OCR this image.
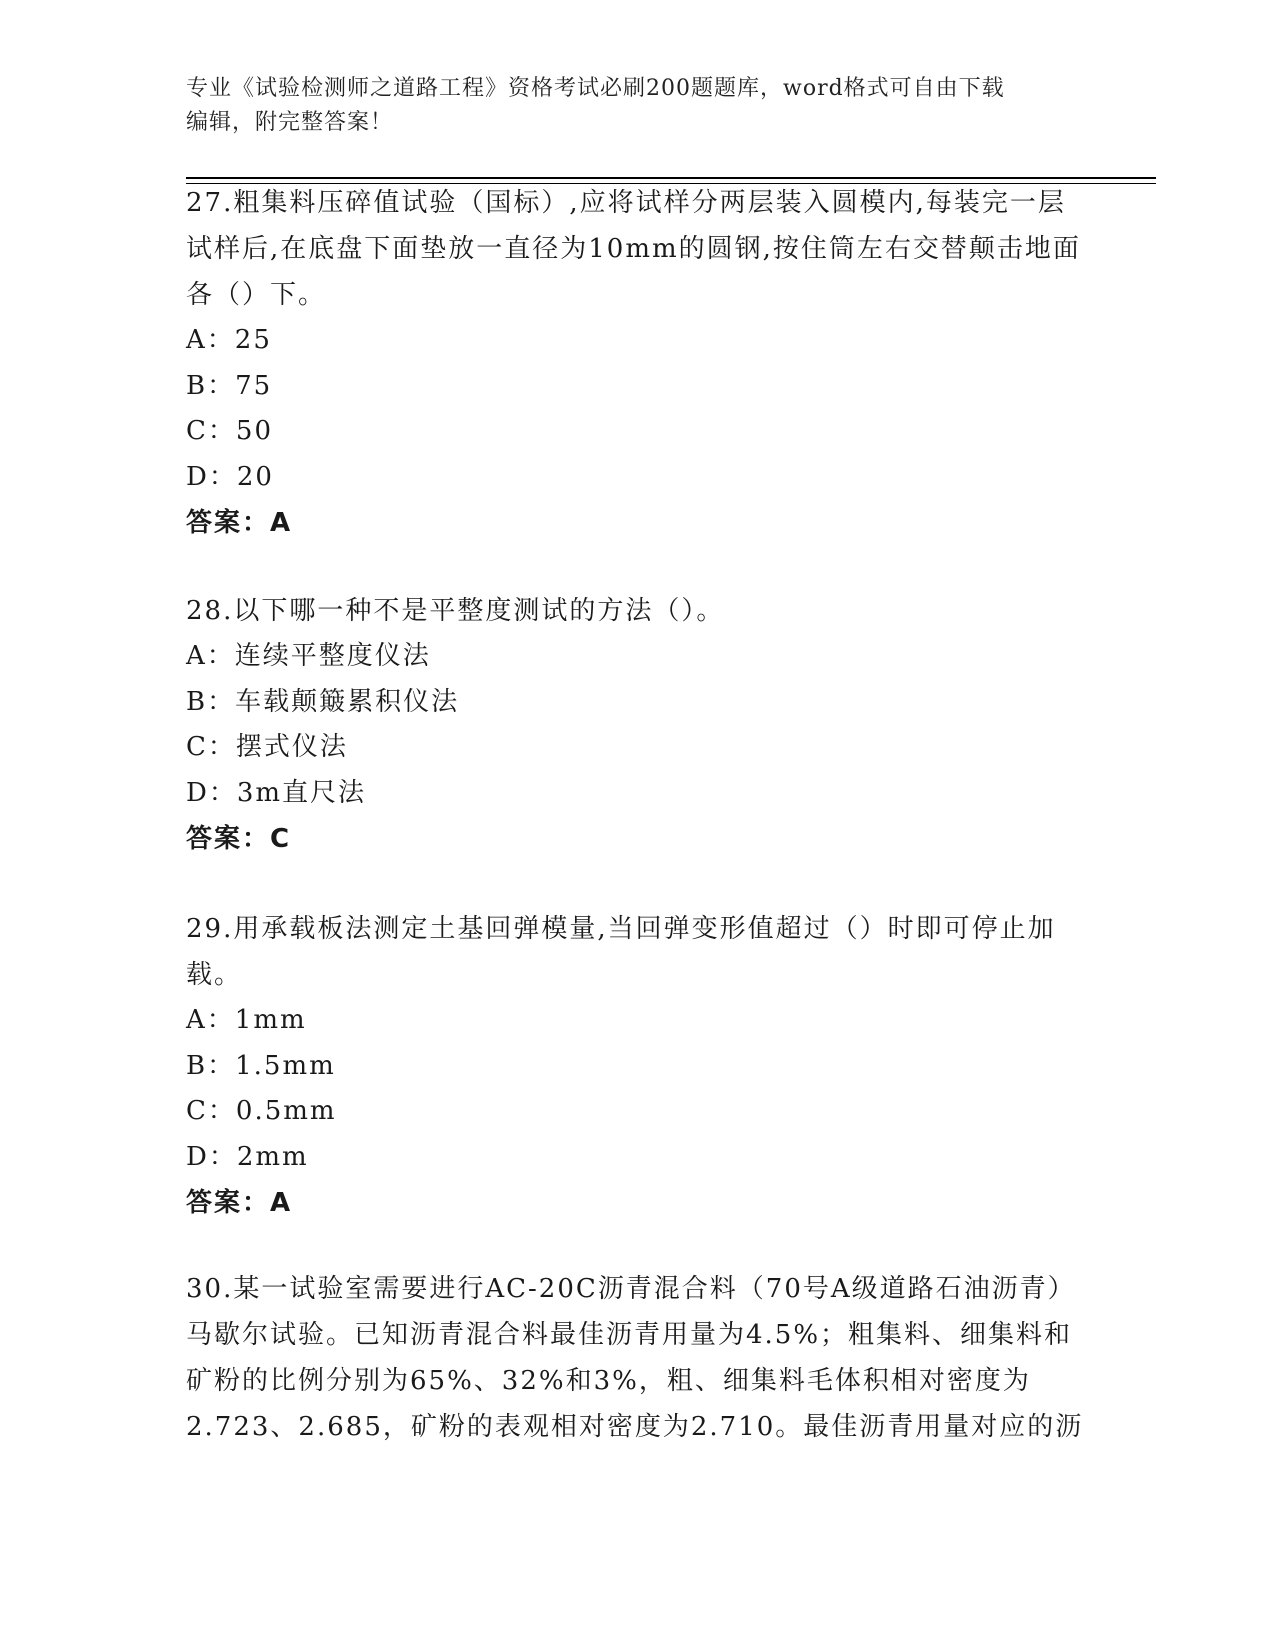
专业《试验检测师之道路工程》资格考试必刷200题题库，word格式可自由下载
编辑，附完整答案！

27.粗集料压碎值试验（国标）,应将试样分两层装入圆模内,每装完一层试样后,在底盘下面垫放一直径为10mm的圆钢,按住筒左右交替颠击地面各（）下。

A：25

B：75

C：50

D：20

答案：A

28.以下哪一种不是平整度测试的方法（）。

A：连续平整度仪法

B：车载颠簸累积仪法

C：摆式仪法

D：3m直尺法

答案：C

29.用承载板法测定土基回弹模量,当回弹变形值超过（）时即可停止加载。

A：1mm

B：1.5mm

C：0.5mm

D：2mm

答案：A

30.某一试验室需要进行AC-20C沥青混合料（70号A级道路石油沥青）马歇尔试验。已知沥青混合料最佳沥青用量为4.5%；粗集料、细集料和矿粉的比例分别为65%、32%和3%，粗、细集料毛体积相对密度为2.723、2.685，矿粉的表观相对密度为2.710。最佳沥青用量对应的沥
